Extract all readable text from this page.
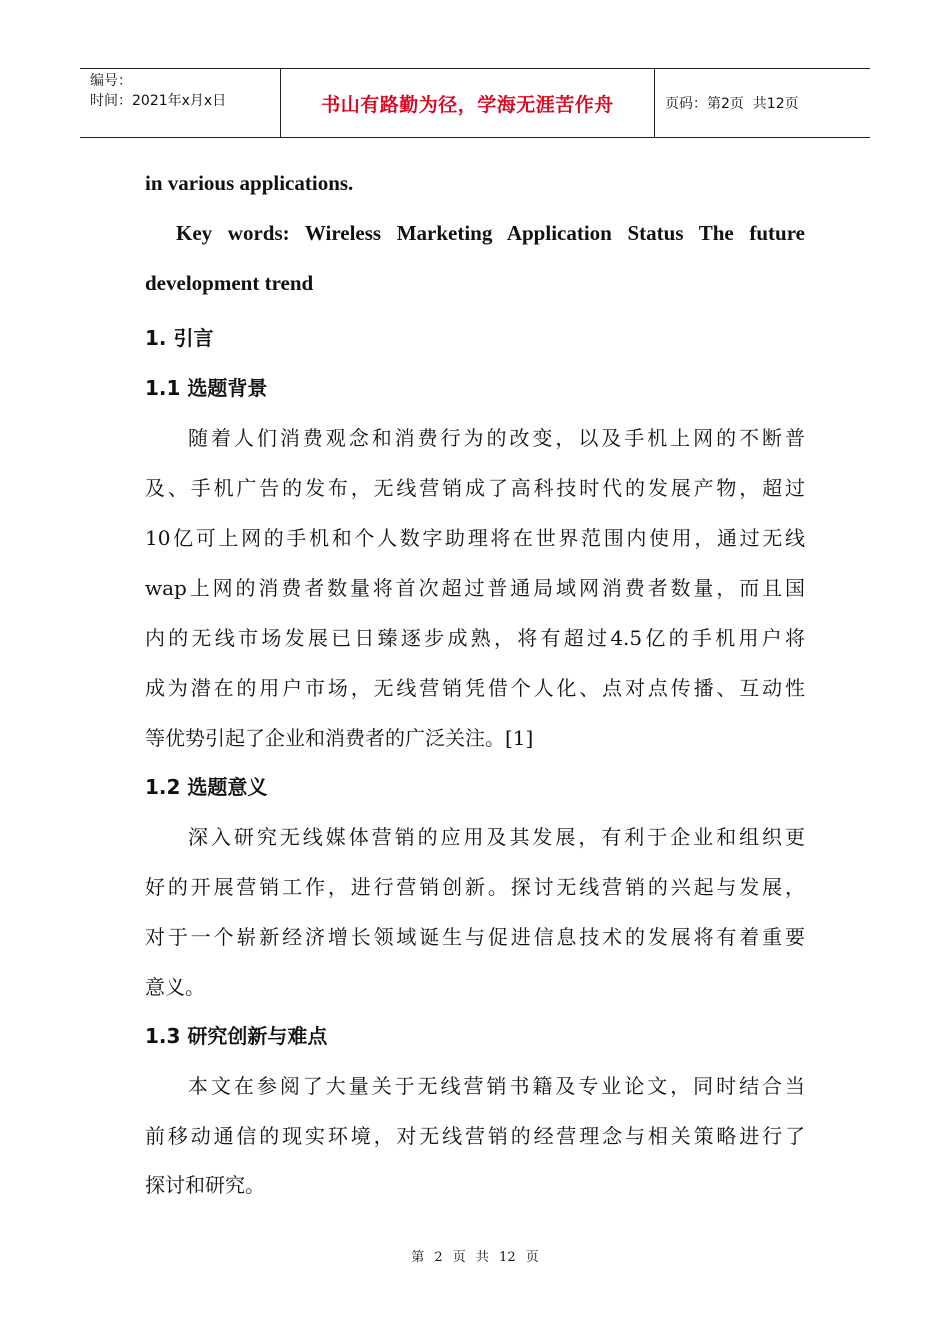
编号：
时间：2021年x月x日	书山有路勤为径，学海无涯苦作舟	页码：第2页  共12页
in various applications.
Key words: Wireless Marketing Application Status The future
development trend
1. 引言
1.1 选题背景
随着人们消费观念和消费行为的改变，以及手机上网的不断普
及、手机广告的发布，无线营销成了高科技时代的发展产物，超过
10亿可上网的手机和个人数字助理将在世界范围内使用，通过无线
wap上网的消费者数量将首次超过普通局域网消费者数量，而且国
内的无线市场发展已日臻逐步成熟，将有超过4.5亿的手机用户将
成为潜在的用户市场，无线营销凭借个人化、点对点传播、互动性
等优势引起了企业和消费者的广泛关注。[1]
1.2 选题意义
深入研究无线媒体营销的应用及其发展，有利于企业和组织更
好的开展营销工作，进行营销创新。探讨无线营销的兴起与发展，
对于一个崭新经济增长领域诞生与促进信息技术的发展将有着重要
意义。
1.3 研究创新与难点
本文在参阅了大量关于无线营销书籍及专业论文，同时结合当
前移动通信的现实环境，对无线营销的经营理念与相关策略进行了
探讨和研究。
第 2 页 共 12 页
